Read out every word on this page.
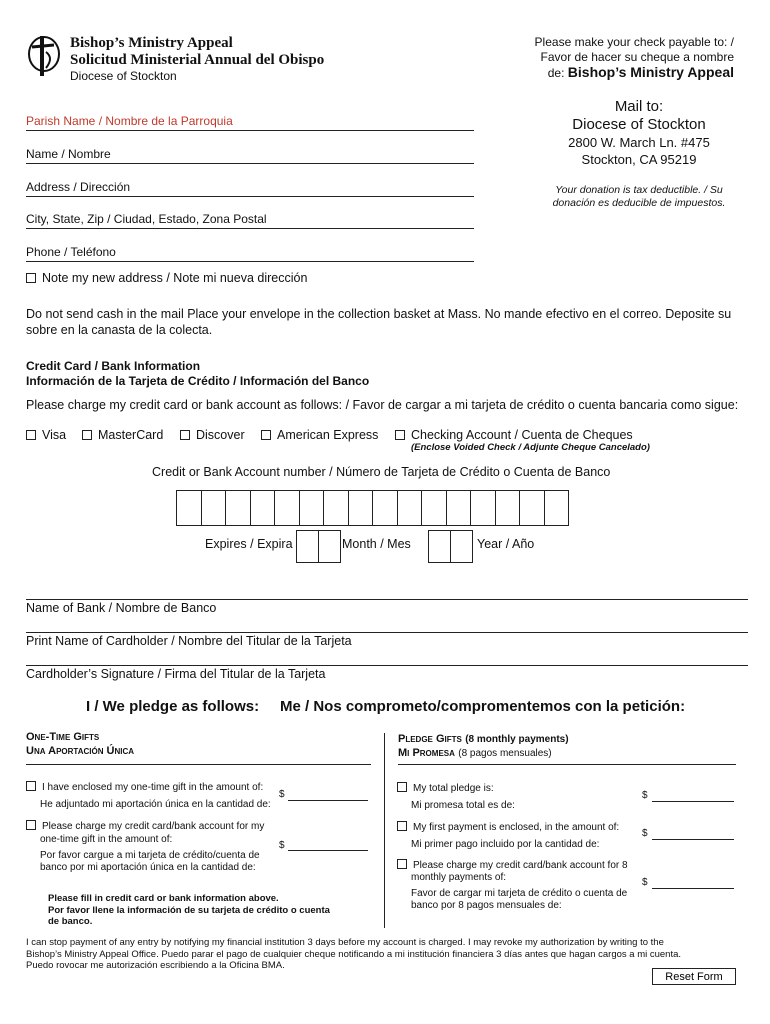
Bishop’s Ministry Appeal
Solicitud Ministerial Annual del Obispo
Diocese of Stockton
Please make your check payable to: /
Favor de hacer su cheque a nombre
de: Bishop’s Ministry Appeal
Mail to:
Diocese of Stockton
2800 W. March Ln. #475
Stockton, CA 95219
Your donation is tax deductible. / Su
donación es deducible de impuestos.
Parish Name / Nombre de la Parroquia
Name / Nombre
Address / Dirección
City, State, Zip / Ciudad, Estado, Zona Postal
Phone / Teléfono
Note my new address / Note mi nueva dirección
Do not send cash in the mail Place your envelope in the collection basket at Mass. No mande efectivo en el correo. Deposite su
sobre en la canasta de la colecta.
Credit Card / Bank Information
Información de la Tarjeta de Crédito / Información del Banco
Please charge my credit card or bank account as follows: / Favor de cargar a mi tarjeta de crédito o cuenta bancaria como sigue:
Visa	MasterCard	Discover	American Express	Checking Account / Cuenta de Cheques
(Enclose Voided Check / Adjunte Cheque Cancelado)
Credit or Bank Account number / Número de Tarjeta de Crédito o Cuenta de Banco
Expires / Expira	Month / Mes	Year / Año
Name of Bank / Nombre de Banco
Print Name of Cardholder / Nombre del Titular de la Tarjeta
Cardholder’s Signature / Firma del Titular de la Tarjeta
I / We pledge as follows: Me / Nos comprometo/compromentemos con la petición:
One-Time Gifts
Una Aportación Única
Pledge Gifts (8 monthly payments)
Mi Promesa (8 pagos mensuales)
I have enclosed my one-time gift in the amount of:
He adjuntado mi aportación única en la cantidad de:
$
Please charge my credit card/bank account for my
one-time gift in the amount of:
Por favor cargue a mi tarjeta de crédito/cuenta de
banco por mi aportación única en la cantidad de:
$
Please fill in credit card or bank information above.
Por favor llene la información de su tarjeta de crédito o cuenta
de banco.
My total pledge is:
Mi promesa total es de:
$
My first payment is enclosed, in the amount of:
Mi primer pago incluido por la cantidad de:
$
Please charge my credit card/bank account for 8
monthly payments of:
Favor de cargar mi tarjeta de crédito o cuenta de
banco por 8 pagos mensuales de:
$
I can stop payment of any entry by notifying my financial institution 3 days before my account is charged. I may revoke my authorization by writing to the
Bishop’s Ministry Appeal Office. Puedo parar el pago de cualquier cheque notificando a mi institución financiera 3 días antes que hagan cargos a mi cuenta.
Puedo rovocar me autorización escribiendo a la Oficina BMA.
Reset Form
